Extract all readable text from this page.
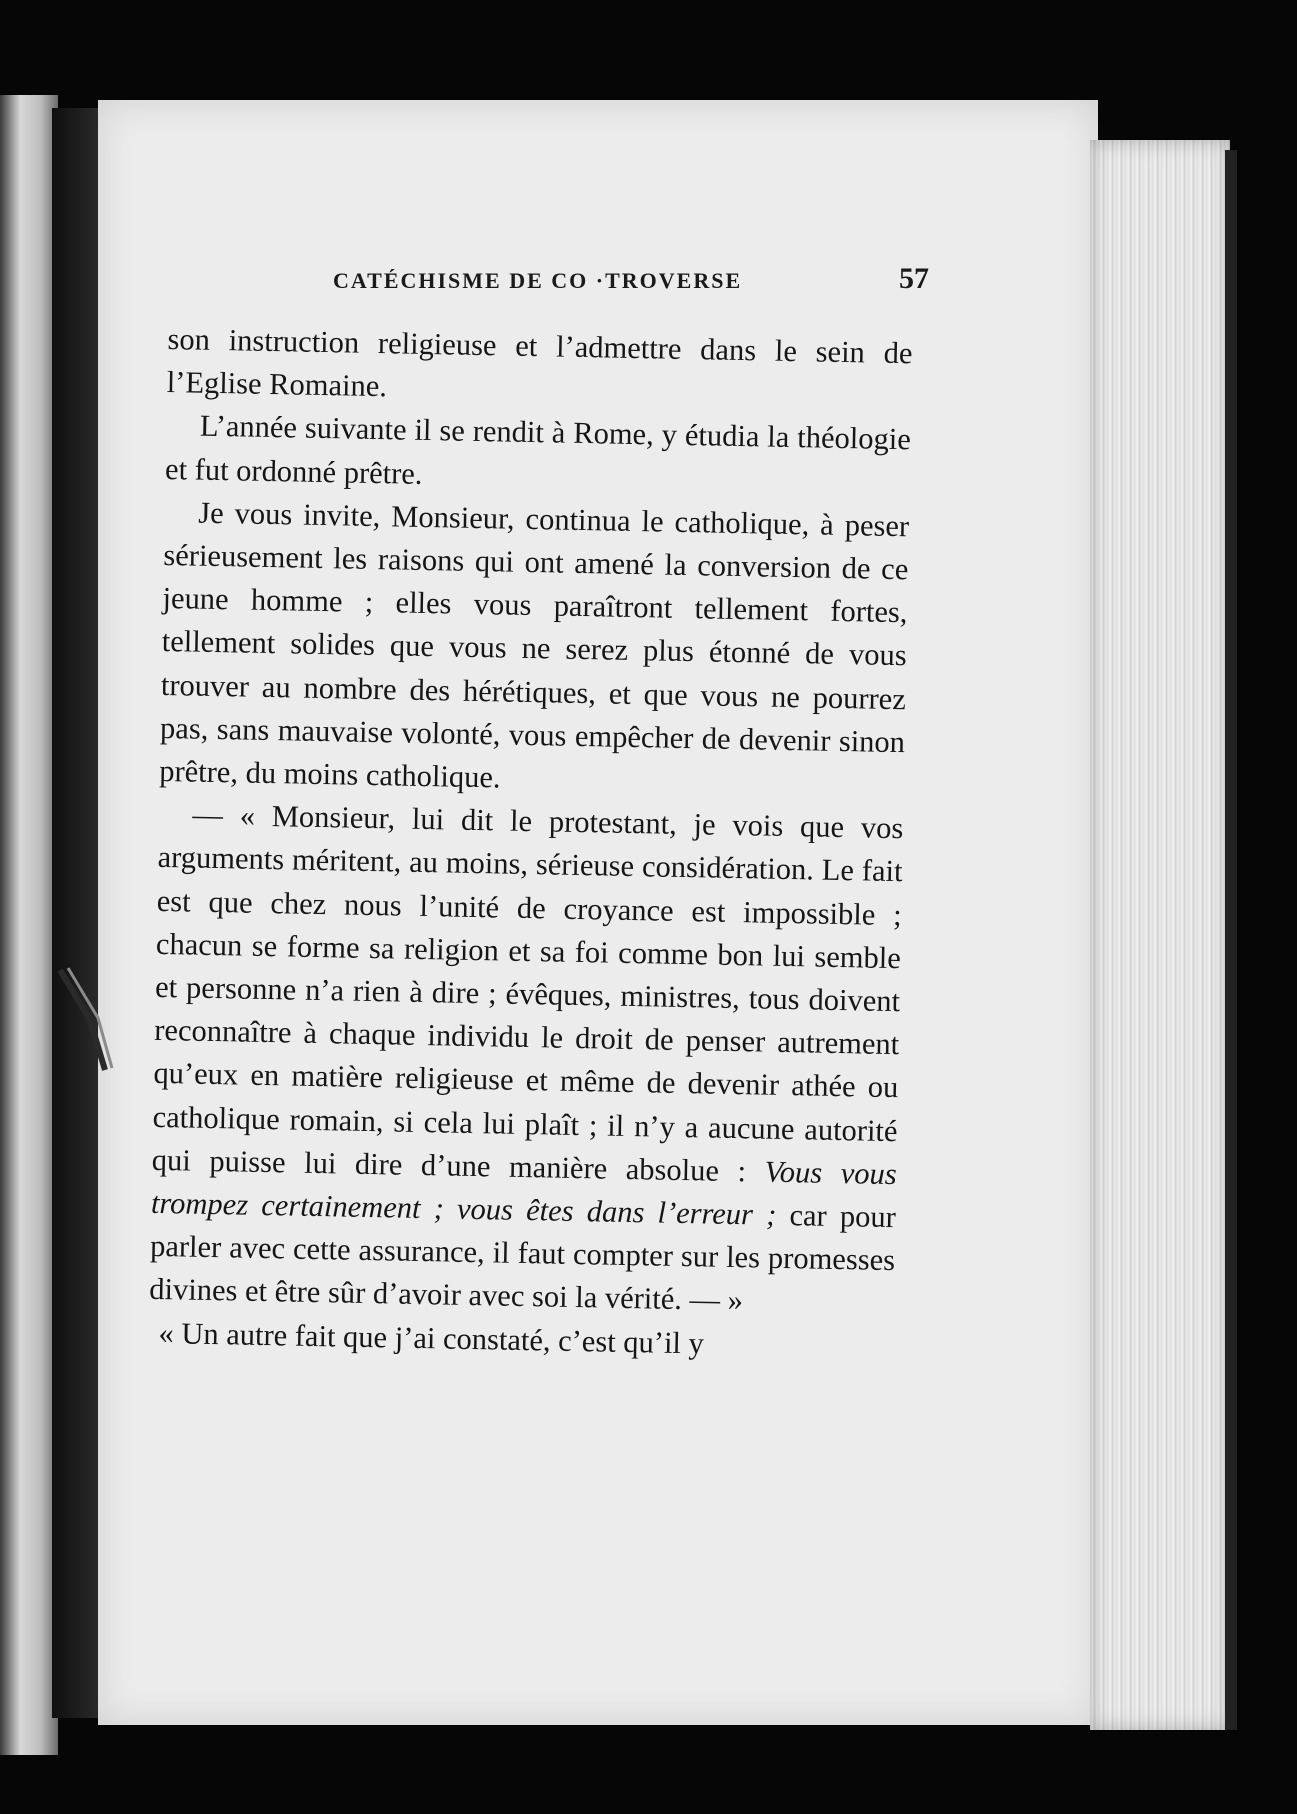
CATÉCHISME DE CO ·TROVERSE	57

son instruction religieuse et l’admettre dans le sein de l’Eglise Romaine.

L’année suivante il se rendit à Rome, y étudia la théologie et fut ordonné prêtre.

Je vous invite, Monsieur, continua le catholique, à peser sérieusement les raisons qui ont amené la conversion de ce jeune homme ; elles vous paraîtront tellement fortes, tellement solides que vous ne serez plus étonné de vous trouver au nombre des hérétiques, et que vous ne pourrez pas, sans mauvaise volonté, vous empêcher de devenir sinon prêtre, du moins catholique.

— « Monsieur, lui dit le protestant, je vois que vos arguments méritent, au moins, sérieuse considération. Le fait est que chez nous l’unité de croyance est impossible ; chacun se forme sa religion et sa foi comme bon lui semble et personne n’a rien à dire ; évêques, ministres, tous doivent reconnaître à chaque individu le droit de penser autrement qu’eux en matière religieuse et même de devenir athée ou catholique romain, si cela lui plaît ; il n’y a aucune autorité qui puisse lui dire d’une manière absolue : Vous vous trompez certainement ; vous êtes dans l’erreur ; car pour parler avec cette assurance, il faut compter sur les promesses divines et être sûr d’avoir avec soi la vérité. — »

« Un autre fait que j’ai constaté, c’est qu’il y
